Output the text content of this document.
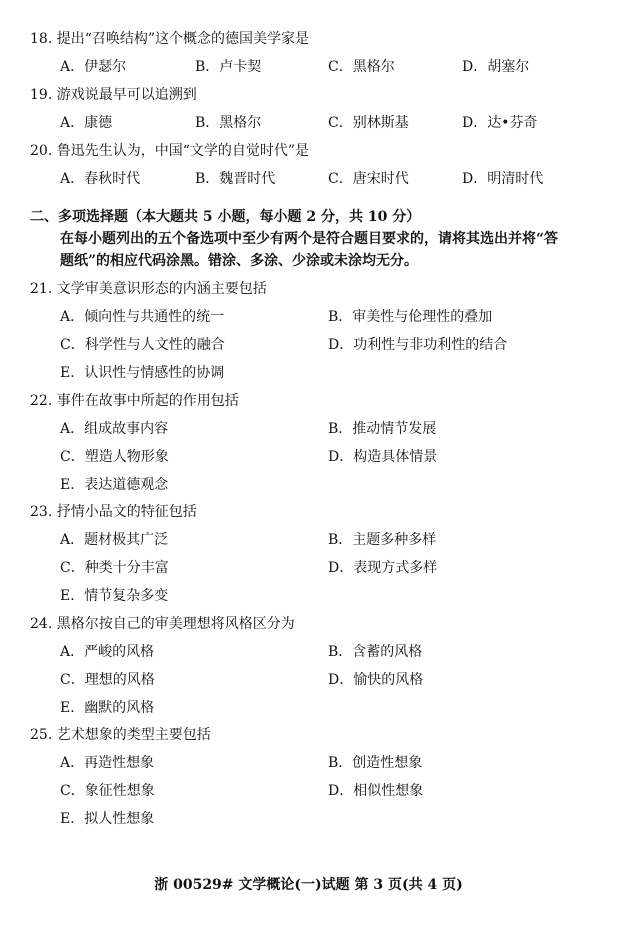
18. 提出“召唤结构”这个概念的德国美学家是
A．伊瑟尔	B．卢卡契	C．黑格尔	D．胡塞尔
19. 游戏说最早可以追溯到
A．康德	B．黑格尔	C．别林斯基	D．达•芬奇
20. 鲁迅先生认为，中国“文学的自觉时代”是
A．春秋时代	B．魏晋时代	C．唐宋时代	D．明清时代
二、多项选择题（本大题共 5 小题，每小题 2 分，共 10 分）
在每小题列出的五个备选项中至少有两个是符合题目要求的，请将其选出并将“答
题纸”的相应代码涂黑。错涂、多涂、少涂或未涂均无分。
21. 文学审美意识形态的内涵主要包括
A．倾向性与共通性的统一	B．审美性与伦理性的叠加
C．科学性与人文性的融合	D．功利性与非功利性的结合
E．认识性与情感性的协调
22. 事件在故事中所起的作用包括
A．组成故事内容	B．推动情节发展
C．塑造人物形象	D．构造具体情景
E．表达道德观念
23. 抒情小品文的特征包括
A．题材极其广泛	B．主题多种多样
C．种类十分丰富	D．表现方式多样
E．情节复杂多变
24. 黑格尔按自己的审美理想将风格区分为
A．严峻的风格	B．含蓄的风格
C．理想的风格	D．愉快的风格
E．幽默的风格
25. 艺术想象的类型主要包括
A．再造性想象	B．创造性想象
C．象征性想象	D．相似性想象
E．拟人性想象
浙 00529# 文学概论(一)试题 第 3 页(共 4 页)
